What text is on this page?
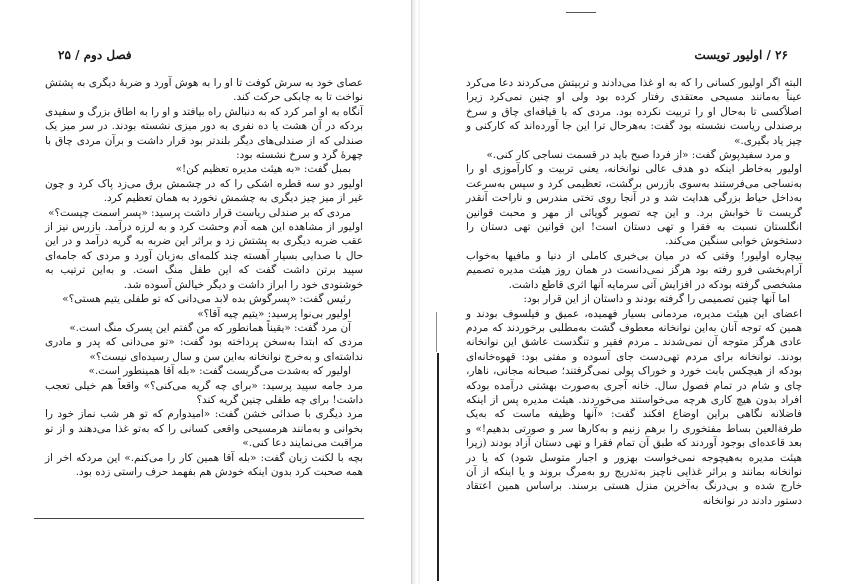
فصل دوم / ۲۵

عصای خود به سرش کوفت تا او را به هوش آورد و ضربهٔ دیگری به پشتش نواخت تا به چابکی حرکت کند.

آنگاه به او امر کرد که به دنبالش راه بیافتد و او را به اطاق بزرگ و سفیدی بردکه در آن هشت یا ده نفری به دور میزی نشسته بودند. در سر میز یک صندلی که از صندلی‌های دیگر بلندتر بود قرار داشت و برآن مردی چاق با چهرهٔ گرد و سرخ نشسته بود:

بمبل گفت: «به هیئت مدیره تعظیم کن!»

اولیور دو سه قطره اشکی را که در چشمش برق می‌زد پاک کرد و چون غیر از میز چیز دیگری به چشمش نخورد به همان تعظیم کرد.

مردی که بر صندلی ریاست قرار داشت پرسید: «پسر اسمت چیست؟»

اولیور از مشاهده این همه آدم وحشت کرد و به لرزه درآمد. بازرس نیز از عقب ضربه دیگری به پشتش زد و براثر این ضربه به گریه درآمد و در این حال با صدایی بسیار آهسته چند کلمه‌ای به‌زبان آورد و مردی که جامه‌ای سپید برتن داشت گفت که این طفل منگ است. و به‌این ترتیب به خوشنودی خود را ابراز داشت و دیگر خیالش آسوده شد.

رئیس گفت: «پسرگوش بده لابد می‌دانی که تو طفلی یتیم هستی؟»

اولیور بی‌نوا پرسید: «یتیم چیه آقا؟»

آن مرد گفت: «یقیناً همانطور که من گفتم این پسرک منگ است.»

مردی که ابتدا به‌سخن پرداخته بود گفت: «تو می‌دانی که پدر و مادری نداشته‌ای و به‌خرج نوانخانه به‌این سن و سال رسیده‌ای نیست؟»

اولیور که به‌شدت می‌گریست گفت: «بله آقا همینطور است.»

مرد جامه سپید پرسید: «برای چه گریه می‌کنی؟» واقعاً هم خیلی تعجب داشت! برای چه طفلی چنین گریه کند؟

مرد دیگری با صدائی خشن گفت: «امیدوارم که تو هر شب نماز خود را بخوانی و به‌مانند هرمسیحی واقعی کسانی را که به‌تو غذا می‌دهند و از تو مراقبت می‌نمایند دعا کنی.»

بچه با لکنت زبان گفت: «بله آقا همین کار را می‌کنم.» این مردکه اخر از همه صحبت کرد بدون اینکه خودش هم بفهمد حرف راستی زده بود.

۲۶ / اولیور تویست

البته اگر اولیور کسانی را که به او غذا می‌دادند و تربیتش می‌کردند دعا می‌کرد عیناً به‌مانند مسیحی معتقدی رفتار کرده بود ولی او چنین نمی‌کرد زیرا اصلاًکسی تا به‌حال او را تربیت نکرده بود. مردی که با قیافه‌ای چاق و سرخ برصندلی ریاست نشسته بود گفت: به‌هرحال ترا این جا آورده‌اند که کارکنی و چیز یاد بگیری.»

و مرد سفیدپوش گفت: «از فردا صبح باید در قسمت نساجی کار کنی.»

اولیور به‌خاطر اینکه دو هدف عالی نوانخانه، یعنی تربیت و کارآموزی او را به‌نساجی می‌فرستند به‌سوی بازرس برگشت، تعظیمی کرد و سپس به‌سرعت به‌داخل حیاط بزرگی هدایت شد و در آنجا روی تختی مندرس و ناراحت آنقدر گریست تا خوابش برد. و این چه تصویر گویائی از مهر و محبت قوانین انگلستان نسبت به فقرا و تهی دستان است! این قوانین تهی دستان را دستخوش خوابی سنگین می‌کند.

بیچاره اولیور! وقتی که در میان بی‌خبری کاملی از دنیا و مافیها به‌خواب آرام‌بخشی فرو رفته بود هرگز نمی‌دانست در همان روز هیئت مدیره تصمیم مشخصی گرفته بودکه در افزایش آتی سرمایه آنها اثری قاطع داشت.

اما آنها چنین تصمیمی را گرفته بودند و داستان از این قرار بود:

اعضای این هیئت مدیره، مردمانی بسیار فهمیده، عمیق و فیلسوف بودند و همین که توجه آنان به‌این نوانخانه معطوف گشت به‌مطلبی برخوردند که مردم عادی هرگز متوجه آن نمی‌شدند ـ مردم فقیر و تنگدست عاشق این نوانخانه بودند. نوانخانه برای مردم تهی‌دست جای آسوده و مفتی بود: قهوه‌خانه‌ای بودکه از هیچکس بابت خورد و خوراک پولی نمی‌گرفتند؛ صبحانه مجانی، ناهار، چای و شام در تمام فصول سال. خانه آجری به‌صورت بهشتی درآمده بودکه افراد بدون هیچ کاری هرچه می‌خواستند می‌خوردند. هیئت مدیره پس از اینکه فاضلانه نگاهی براین اوضاع افکند گفت: «آنها وظیفه ماست که به‌یک طرفةالعین بساط مفتخوری را برهم زنیم و به‌کارها سر و صورتی بدهیم!» و بعد قاعده‌ای بوجود آوردند که طبق آن تمام فقرا و تهی دستان آزاد بودند (زیرا هیئت مدیره به‌هیچوجه نمی‌خواست بهزور و اجبار متوسل شود) که یا در نوانخانه بمانند و براثر غذایی ناچیز به‌تدریج رو به‌مرگ بروند و یا اینکه از آن خارج شده و بی‌درنگ به‌آخرین منزل هستی برسند. براساس همین اعتقاد دستور دادند در نوانخانه
